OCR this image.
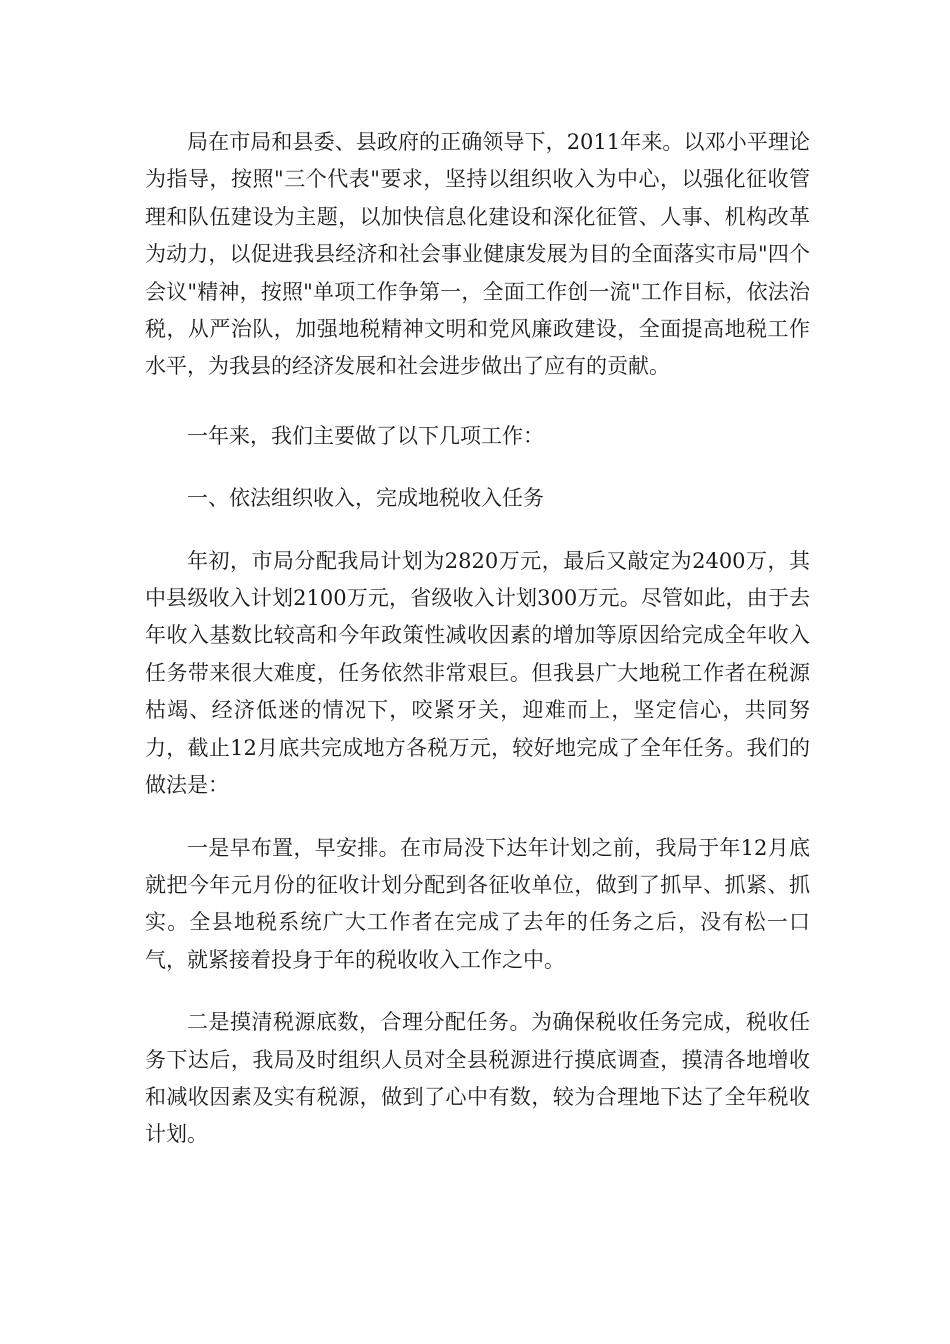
局在市局和县委、县政府的正确领导下，2011年来。以邓小平理论为指导，按照"三个代表"要求，坚持以组织收入为中心，以强化征收管理和队伍建设为主题，以加快信息化建设和深化征管、人事、机构改革为动力，以促进我县经济和社会事业健康发展为目的全面落实市局"四个会议"精神，按照"单项工作争第一，全面工作创一流"工作目标，依法治税，从严治队，加强地税精神文明和党风廉政建设，全面提高地税工作水平，为我县的经济发展和社会进步做出了应有的贡献。

一年来，我们主要做了以下几项工作：

一、依法组织收入，完成地税收入任务

年初，市局分配我局计划为2820万元，最后又敲定为2400万，其中县级收入计划2100万元，省级收入计划300万元。尽管如此，由于去年收入基数比较高和今年政策性减收因素的增加等原因给完成全年收入任务带来很大难度，任务依然非常艰巨。但我县广大地税工作者在税源枯竭、经济低迷的情况下，咬紧牙关，迎难而上，坚定信心，共同努力，截止12月底共完成地方各税万元，较好地完成了全年任务。我们的做法是：

一是早布置，早安排。在市局没下达年计划之前，我局于年12月底就把今年元月份的征收计划分配到各征收单位，做到了抓早、抓紧、抓实。全县地税系统广大工作者在完成了去年的任务之后，没有松一口气，就紧接着投身于年的税收收入工作之中。

二是摸清税源底数，合理分配任务。为确保税收任务完成，税收任务下达后，我局及时组织人员对全县税源进行摸底调查，摸清各地增收和减收因素及实有税源，做到了心中有数，较为合理地下达了全年税收计划。
